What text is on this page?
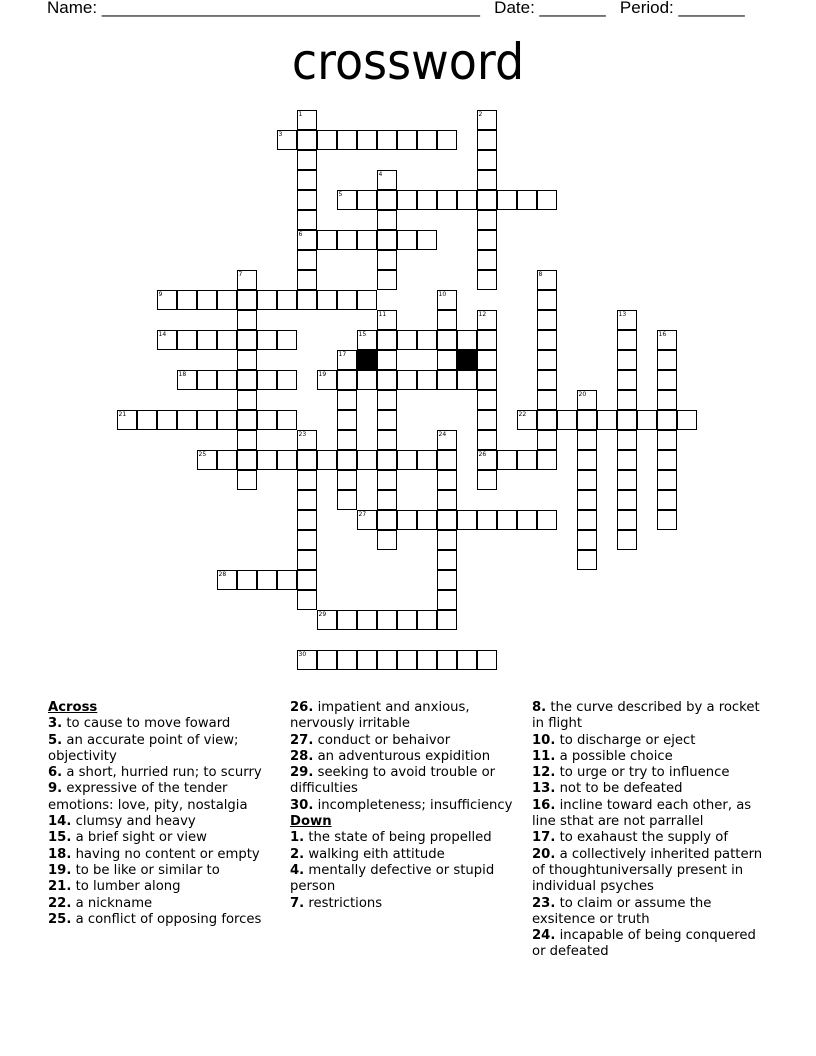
Name: ________________________________________ Date: _______ Period: _______
crossword
3
5
6
9
14	15
18	19
21	22
25	26
27
28
29
30
1	2
4
7	8
10
11	12	13
16
17
20
23	24
Across
3. to cause to move foward
5. an accurate point of view; objectivity
6. a short, hurried run; to scurry
9. expressive of the tender emotions: love, pity, nostalgia
14. clumsy and heavy
15. a brief sight or view
18. having no content or empty
19. to be like or similar to
21. to lumber along
22. a nickname
25. a conflict of opposing forces
26. impatient and anxious, nervously irritable
27. conduct or behaivor
28. an adventurous expidition
29. seeking to avoid trouble or difficulties
30. incompleteness; insufficiency
Down
1. the state of being propelled
2. walking eith attitude
4. mentally defective or stupid person
7. restrictions
8. the curve described by a rocket in flight
10. to discharge or eject
11. a possible choice
12. to urge or try to influence
13. not to be defeated
16. incline toward each other, as line sthat are not parrallel
17. to exahaust the supply of
20. a collectively inherited pattern of thoughtuniversally present in individual psyches
23. to claim or assume the exsitence or truth
24. incapable of being conquered or defeated
